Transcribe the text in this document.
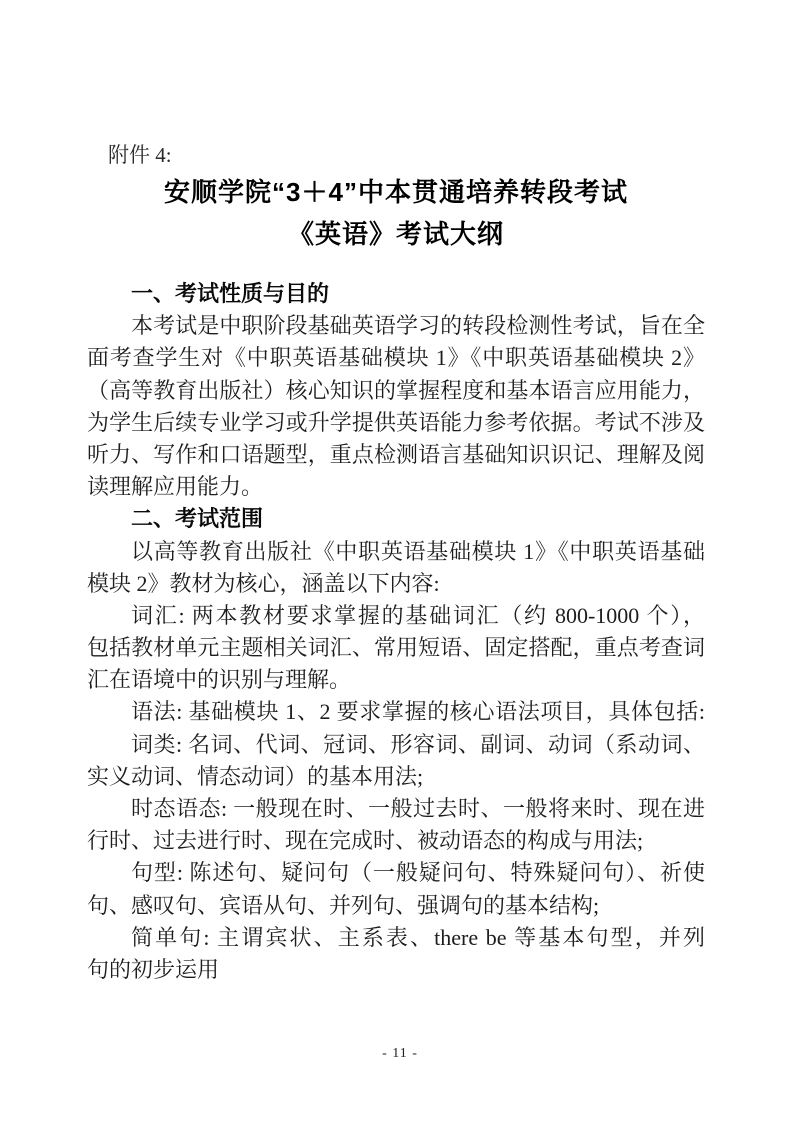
附件 4:
安顺学院“3＋4”中本贯通培养转段考试
《英语》考试大纲
一、考试性质与目的
本考试是中职阶段基础英语学习的转段检测性考试，旨在全
面考查学生对《中职英语基础模块 1》《中职英语基础模块 2》
（高等教育出版社）核心知识的掌握程度和基本语言应用能力，
为学生后续专业学习或升学提供英语能力参考依据。考试不涉及
听力、写作和口语题型，重点检测语言基础知识识记、理解及阅
读理解应用能力。
二、考试范围
以高等教育出版社《中职英语基础模块 1》《中职英语基础
模块 2》教材为核心，涵盖以下内容:
词汇: 两本教材要求掌握的基础词汇（约 800-1000 个），
包括教材单元主题相关词汇、常用短语、固定搭配，重点考查词
汇在语境中的识别与理解。
语法: 基础模块 1、2 要求掌握的核心语法项目，具体包括:
词类: 名词、代词、冠词、形容词、副词、动词（系动词、
实义动词、情态动词）的基本用法;
时态语态: 一般现在时、一般过去时、一般将来时、现在进
行时、过去进行时、现在完成时、被动语态的构成与用法;
句型: 陈述句、疑问句（一般疑问句、特殊疑问句）、祈使
句、感叹句、宾语从句、并列句、强调句的基本结构;
简单句: 主谓宾状、主系表、there be 等基本句型，并列
句的初步运用
- 11 -
